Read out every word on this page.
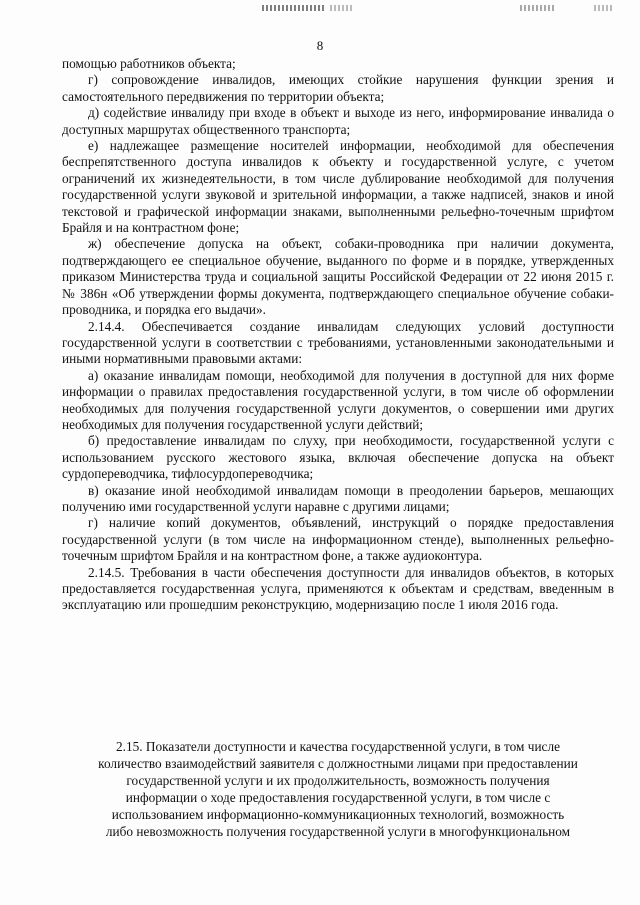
8

помощью работников объекта;

г) сопровождение инвалидов, имеющих стойкие нарушения функции зрения и самостоятельного передвижения по территории объекта;

д) содействие инвалиду при входе в объект и выходе из него, информирование инвалида о доступных маршрутах общественного транспорта;

е) надлежащее размещение носителей информации, необходимой для обеспечения беспрепятственного доступа инвалидов к объекту и государственной услуге, с учетом ограничений их жизнедеятельности, в том числе дублирование необходимой для получения государственной услуги звуковой и зрительной информации, а также надписей, знаков и иной текстовой и графической информации знаками, выполненными рельефно-точечным шрифтом Брайля и на контрастном фоне;

ж) обеспечение допуска на объект, собаки-проводника при наличии документа, подтверждающего ее специальное обучение, выданного по форме и в порядке, утвержденных приказом Министерства труда и социальной защиты Российской Федерации от 22 июня 2015 г. № 386н «Об утверждении формы документа, подтверждающего специальное обучение собаки-проводника, и порядка его выдачи».

2.14.4. Обеспечивается создание инвалидам следующих условий доступности государственной услуги в соответствии с требованиями, установленными законодательными и иными нормативными правовыми актами:

а) оказание инвалидам помощи, необходимой для получения в доступной для них форме информации о правилах предоставления государственной услуги, в том числе об оформлении необходимых для получения государственной услуги документов, о совершении ими других необходимых для получения государственной услуги действий;

б) предоставление инвалидам по слуху, при необходимости, государственной услуги с использованием русского жестового языка, включая обеспечение допуска на объект сурдопереводчика, тифлосурдопереводчика;

в) оказание иной необходимой инвалидам помощи в преодолении барьеров, мешающих получению ими государственной услуги наравне с другими лицами;

г) наличие копий документов, объявлений, инструкций о порядке предоставления государственной услуги (в том числе на информационном стенде), выполненных рельефно-точечным шрифтом Брайля и на контрастном фоне, а также аудиоконтура.

2.14.5. Требования в части обеспечения доступности для инвалидов объектов, в которых предоставляется государственная услуга, применяются к объектам и средствам, введенным в эксплуатацию или прошедшим реконструкцию, модернизацию после 1 июля 2016 года.

2.15. Показатели доступности и качества государственной услуги, в том числе

количество взаимодействий заявителя с должностными лицами при предоставлении

государственной услуги и их продолжительность, возможность получения

информации о ходе предоставления государственной услуги, в том числе с

использованием информационно-коммуникационных технологий, возможность

либо невозможность получения государственной услуги в многофункциональном
